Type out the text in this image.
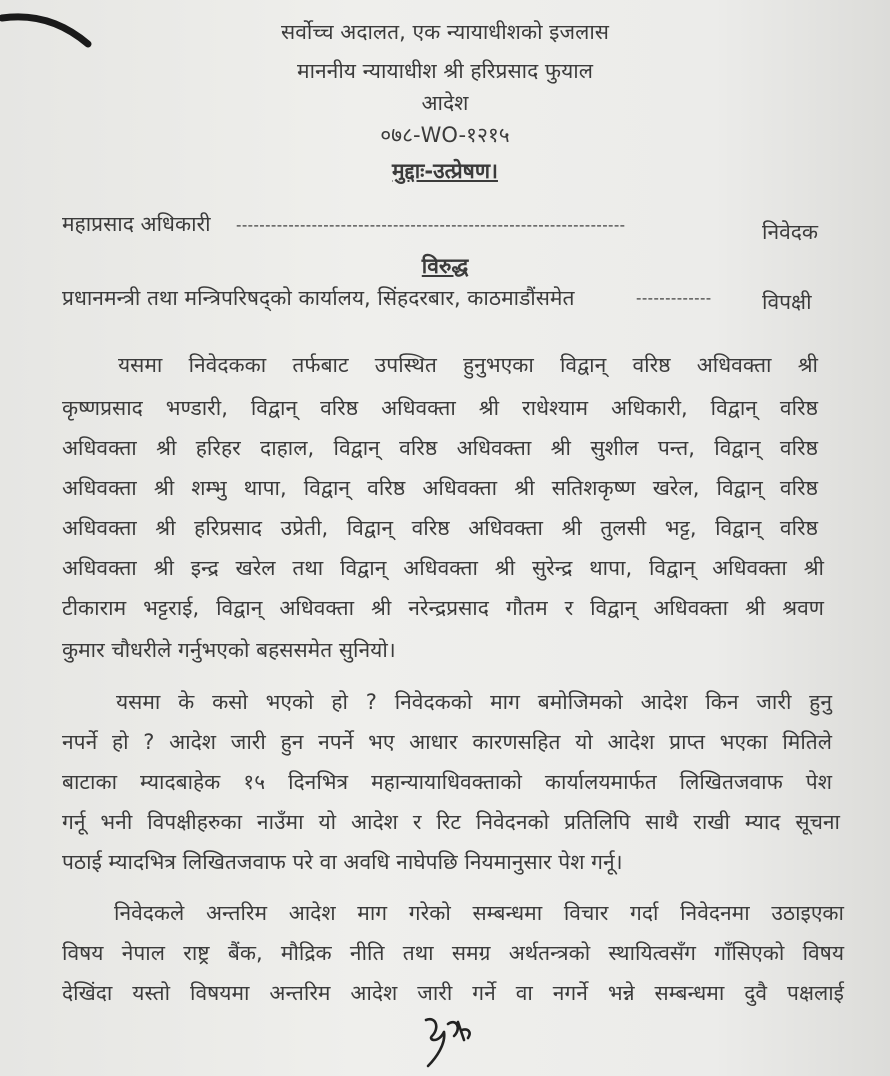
सर्वोच्च अदालत, एक न्यायाधीशको इजलास
माननीय न्यायाधीश श्री हरिप्रसाद फुयाल
आदेश
०७८-WO-१२१५
मुद्दाः-उत्प्रेषण।
महाप्रसाद अधिकारी -------------------------------------------------------------------	निवेदक
विरुद्ध
प्रधानमन्त्री तथा मन्त्रिपरिषद्को कार्यालय, सिंहदरबार, काठमाडौंसमेत	------------- विपक्षी
यसमा निवेदकका तर्फबाट उपस्थित हुनुभएका विद्वान् वरिष्ठ अधिवक्ता श्री
कृष्णप्रसाद भण्डारी, विद्वान् वरिष्ठ अधिवक्ता श्री राधेश्याम अधिकारी, विद्वान् वरिष्ठ
अधिवक्ता श्री हरिहर दाहाल, विद्वान् वरिष्ठ अधिवक्ता श्री सुशील पन्त, विद्वान् वरिष्ठ
अधिवक्ता श्री शम्भु थापा, विद्वान् वरिष्ठ अधिवक्ता श्री सतिशकृष्ण खरेल, विद्वान् वरिष्ठ
अधिवक्ता श्री हरिप्रसाद उप्रेती, विद्वान् वरिष्ठ अधिवक्ता श्री तुलसी भट्ट, विद्वान् वरिष्ठ
अधिवक्ता श्री इन्द्र खरेल तथा विद्वान् अधिवक्ता श्री सुरेन्द्र थापा, विद्वान् अधिवक्ता श्री
टीकाराम भट्टराई, विद्वान् अधिवक्ता श्री नरेन्द्रप्रसाद गौतम र विद्वान् अधिवक्ता श्री श्रवण
कुमार चौधरीले गर्नुभएको बहससमेत सुनियो।
यसमा के कसो भएको हो ? निवेदकको माग बमोजिमको आदेश किन जारी हुनु
नपर्ने हो ? आदेश जारी हुन नपर्ने भए आधार कारणसहित यो आदेश प्राप्त भएका मितिले
बाटाका म्यादबाहेक १५ दिनभित्र महान्यायाधिवक्ताको कार्यालयमार्फत लिखितजवाफ पेश
गर्नू भनी विपक्षीहरुका नाउँमा यो आदेश र रिट निवेदनको प्रतिलिपि साथै राखी म्याद सूचना
पठाई म्यादभित्र लिखितजवाफ परे वा अवधि नाघेपछि नियमानुसार पेश गर्नू।
निवेदकले अन्तरिम आदेश माग गरेको सम्बन्धमा विचार गर्दा निवेदनमा उठाइएका
विषय नेपाल राष्ट्र बैंक, मौद्रिक नीति तथा समग्र अर्थतन्त्रको स्थायित्वसँग गाँसिएको विषय
देखिंदा यस्तो विषयमा अन्तरिम आदेश जारी गर्ने वा नगर्ने भन्ने सम्बन्धमा दुवै पक्षलाई
